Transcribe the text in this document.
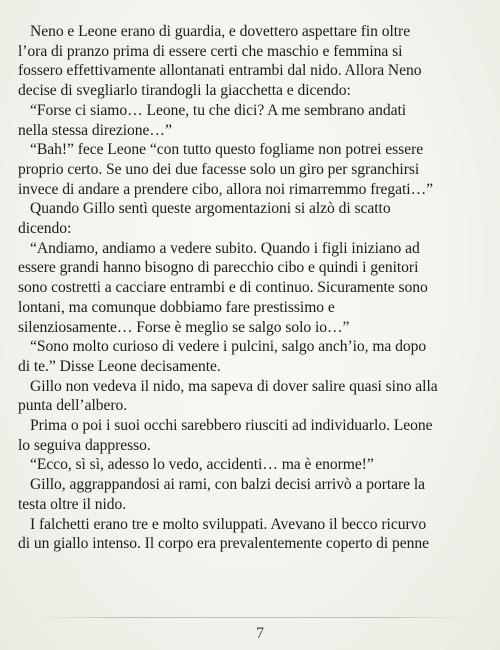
Neno e Leone erano di guardia, e dovettero aspettare fin oltre
l’ora di pranzo prima di essere certi che maschio e femmina si
fossero effettivamente allontanati entrambi dal nido. Allora Neno
decise di svegliarlo tirandogli la giacchetta e dicendo:
“Forse ci siamo… Leone, tu che dici? A me sembrano andati
nella stessa direzione…”
“Bah!” fece Leone “con tutto questo fogliame non potrei essere
proprio certo. Se uno dei due facesse solo un giro per sgranchirsi
invece di andare a prendere cibo, allora noi rimarremmo fregati…”
Quando Gillo sentì queste argomentazioni si alzò di scatto
dicendo:
“Andiamo, andiamo a vedere subito. Quando i figli iniziano ad
essere grandi hanno bisogno di parecchio cibo e quindi i genitori
sono costretti a cacciare entrambi e di continuo. Sicuramente sono
lontani, ma comunque dobbiamo fare prestissimo e
silenziosamente… Forse è meglio se salgo solo io…”
“Sono molto curioso di vedere i pulcini, salgo anch’io, ma dopo
di te.” Disse Leone decisamente.
Gillo non vedeva il nido, ma sapeva di dover salire quasi sino alla
punta dell’albero.
Prima o poi i suoi occhi sarebbero riusciti ad individuarlo. Leone
lo seguiva dappresso.
“Ecco, sì sì, adesso lo vedo, accidenti… ma è enorme!”
Gillo, aggrappandosi ai rami, con balzi decisi arrivò a portare la
testa oltre il nido.
I falchetti erano tre e molto sviluppati. Avevano il becco ricurvo
di un giallo intenso. Il corpo era prevalentemente coperto di penne
7
